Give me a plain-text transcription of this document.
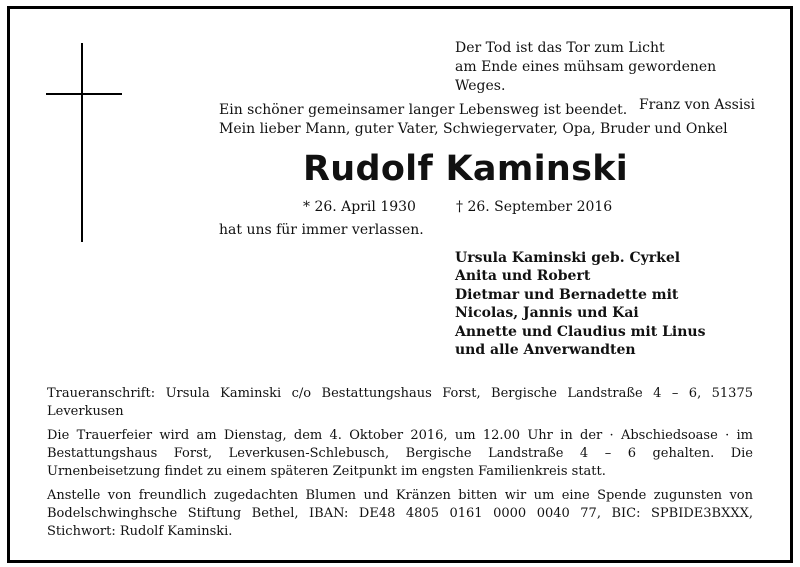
Der Tod ist das Tor zum Licht
am Ende eines mühsam gewordenen Weges.
Franz von Assisi
Ein schöner gemeinsamer langer Lebensweg ist beendet.
Mein lieber Mann, guter Vater, Schwiegervater, Opa, Bruder und Onkel
Rudolf Kaminski
* 26. April 1930	† 26. September 2016
hat uns für immer verlassen.
Ursula Kaminski geb. Cyrkel
Anita und Robert
Dietmar und Bernadette mit
Nicolas, Jannis und Kai
Annette und Claudius mit Linus
und alle Anverwandten

Traueranschrift: Ursula Kaminski c/o Bestattungshaus Forst, Bergische Landstraße 4 – 6, 51375 Leverkusen

Die Trauerfeier wird am Dienstag, dem 4. Oktober 2016, um 12.00 Uhr in der · Abschiedsoase · im Bestattungshaus Forst, Leverkusen-Schlebusch, Bergische Landstraße 4 – 6 gehalten. Die Urnenbeisetzung findet zu einem späteren Zeitpunkt im engsten Familienkreis statt.

Anstelle von freundlich zugedachten Blumen und Kränzen bitten wir um eine Spende zugunsten von Bodelschwinghsche Stiftung Bethel, IBAN: DE48 4805 0161 0000 0040 77, BIC: SPBIDE3BXXX, Stichwort: Rudolf Kaminski.
